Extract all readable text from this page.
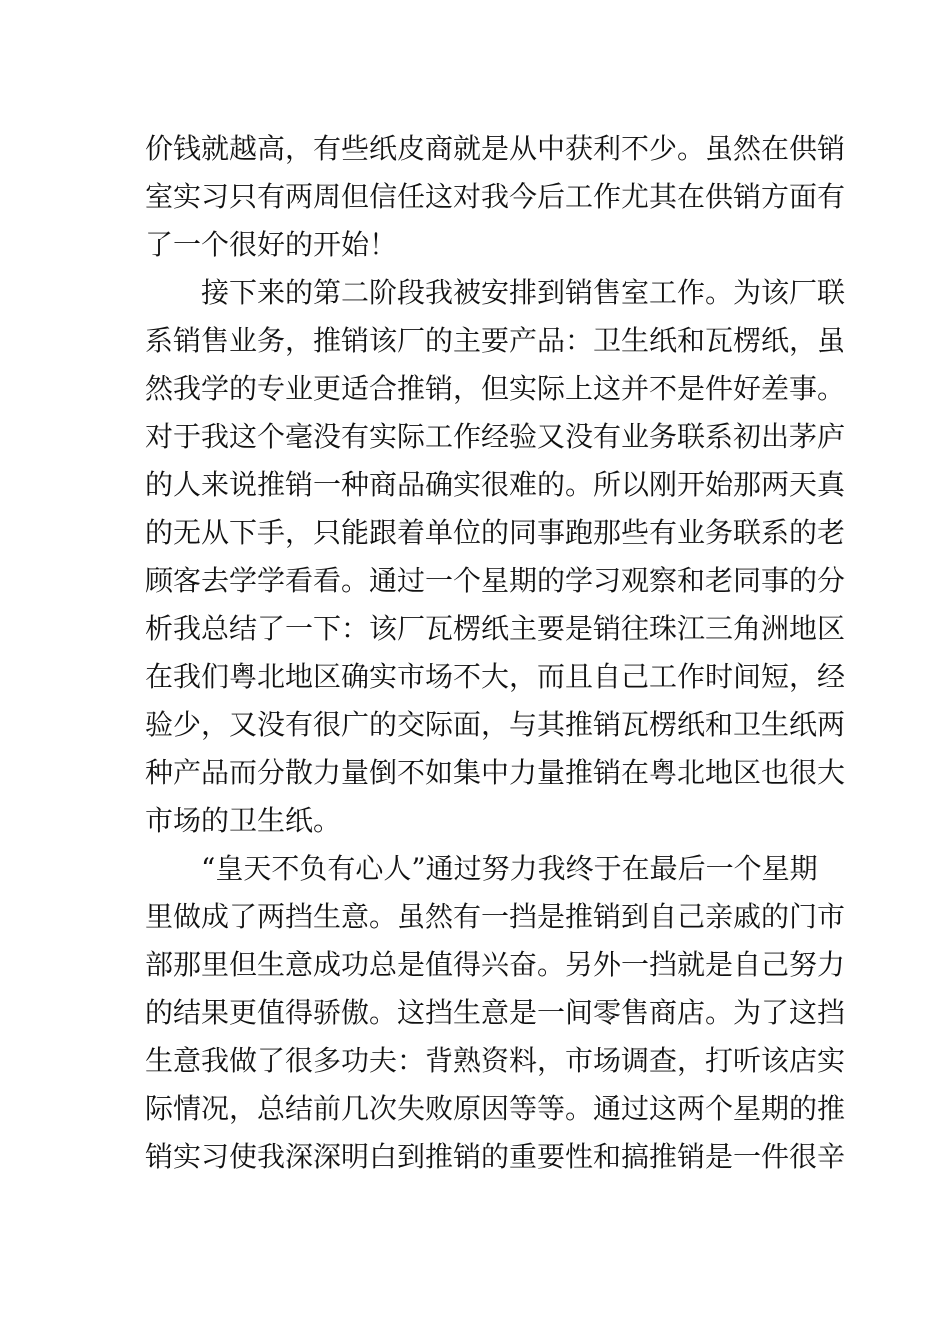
价钱就越高，有些纸皮商就是从中获利不少。虽然在供销
室实习只有两周但信任这对我今后工作尤其在供销方面有
了一个很好的开始！
接下来的第二阶段我被安排到销售室工作。为该厂联
系销售业务，推销该厂的主要产品：卫生纸和瓦楞纸，虽
然我学的专业更适合推销，但实际上这并不是件好差事。
对于我这个毫没有实际工作经验又没有业务联系初出茅庐
的人来说推销一种商品确实很难的。所以刚开始那两天真
的无从下手，只能跟着单位的同事跑那些有业务联系的老
顾客去学学看看。通过一个星期的学习观察和老同事的分
析我总结了一下：该厂瓦楞纸主要是销往珠江三角洲地区
在我们粤北地区确实市场不大，而且自己工作时间短，经
验少，又没有很广的交际面，与其推销瓦楞纸和卫生纸两
种产品而分散力量倒不如集中力量推销在粤北地区也很大
市场的卫生纸。
“皇天不负有心人”通过努力我终于在最后一个星期
里做成了两挡生意。虽然有一挡是推销到自己亲戚的门市
部那里但生意成功总是值得兴奋。另外一挡就是自己努力
的结果更值得骄傲。这挡生意是一间零售商店。为了这挡
生意我做了很多功夫：背熟资料，市场调查，打听该店实
际情况，总结前几次失败原因等等。通过这两个星期的推
销实习使我深深明白到推销的重要性和搞推销是一件很辛
